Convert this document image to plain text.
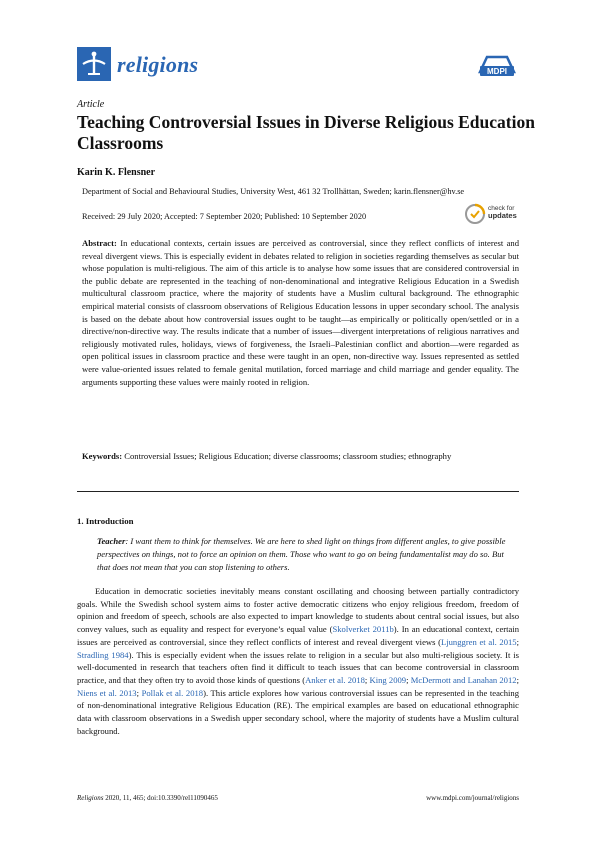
religions	MDPI
Article
Teaching Controversial Issues in Diverse Religious Education Classrooms
Karin K. Flensner
Department of Social and Behavioural Studies, University West, 461 32 Trollhättan, Sweden; karin.flensner@hv.se
Received: 29 July 2020; Accepted: 7 September 2020; Published: 10 September 2020
check for
updates
Abstract: In educational contexts, certain issues are perceived as controversial, since they reflect conflicts of interest and reveal divergent views. This is especially evident in debates related to religion in societies regarding themselves as secular but whose population is multi-religious. The aim of this article is to analyse how some issues that are considered controversial in the public debate are represented in the teaching of non-denominational and integrative Religious Education in a Swedish multicultural classroom practice, where the majority of students have a Muslim cultural background. The ethnographic empirical material consists of classroom observations of Religious Education lessons in upper secondary school. The analysis is based on the debate about how controversial issues ought to be taught—as empirically or politically open/settled or in a directive/non-directive way. The results indicate that a number of issues—divergent interpretations of religious narratives and religiously motivated rules, holidays, views of forgiveness, the Israeli–Palestinian conflict and abortion—were regarded as open political issues in classroom practice and these were taught in an open, non-directive way. Issues represented as settled were value-oriented issues related to female genital mutilation, forced marriage and child marriage and gender equality. The arguments supporting these values were mainly rooted in religion.
Keywords: Controversial Issues; Religious Education; diverse classrooms; classroom studies; ethnography
1. Introduction
Teacher: I want them to think for themselves. We are here to shed light on things from different angles, to give possible perspectives on things, not to force an opinion on them. Those who want to go on being fundamentalist may do so. But that does not mean that you can stop listening to others.
Education in democratic societies inevitably means constant oscillating and choosing between partially contradictory goals. While the Swedish school system aims to foster active democratic citizens who enjoy religious freedom, freedom of opinion and freedom of speech, schools are also expected to impart knowledge to students about central social issues, but also convey values, such as equality and respect for everyone’s equal value (Skolverket 2011b). In an educational context, certain issues are perceived as controversial, since they reflect conflicts of interest and reveal divergent views (Ljunggren et al. 2015; Stradling 1984). This is especially evident when the issues relate to religion in a secular but also multi-religious society. It is well-documented in research that teachers often find it difficult to teach issues that can become controversial in classroom practice, and that they often try to avoid those kinds of questions (Anker et al. 2018; King 2009; McDermott and Lanahan 2012; Niens et al. 2013; Pollak et al. 2018). This article explores how various controversial issues can be represented in the teaching of non-denominational integrative Religious Education (RE). The empirical examples are based on educational ethnographic data with classroom observations in a Swedish upper secondary school, where the majority of students have a Muslim cultural background.
Religions 2020, 11, 465; doi:10.3390/rel11090465	www.mdpi.com/journal/religions
